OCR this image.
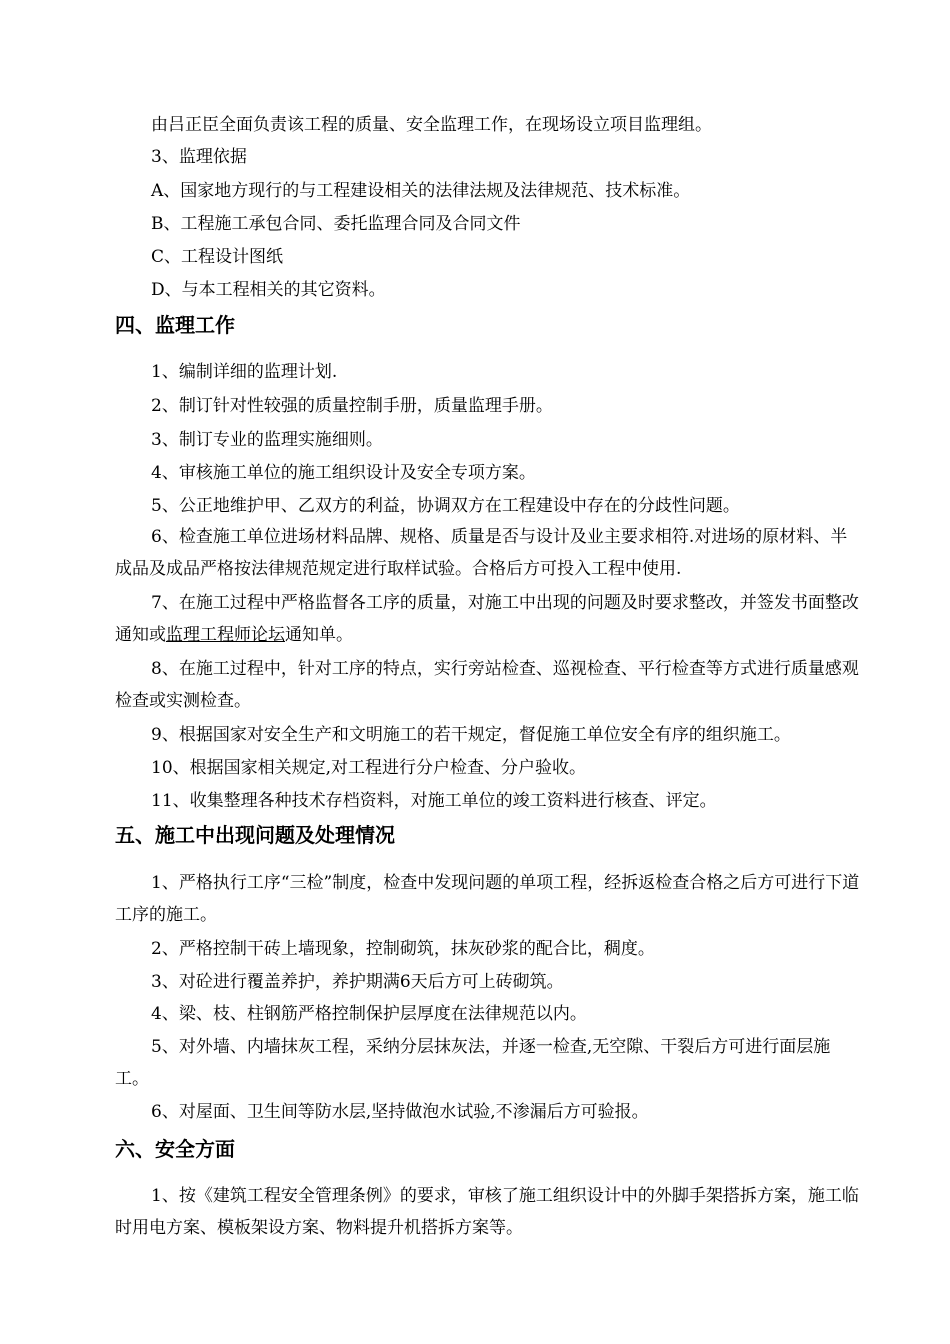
由吕正臣全面负责该工程的质量、安全监理工作，在现场设立项目监理组。

3、监理依据

A、国家地方现行的与工程建设相关的法律法规及法律规范、技术标准。

B、工程施工承包合同、委托监理合同及合同文件

C、工程设计图纸

D、与本工程相关的其它资料。

四、监理工作

1、编制详细的监理计划.

2、制订针对性较强的质量控制手册，质量监理手册。

3、制订专业的监理实施细则。

4、审核施工单位的施工组织设计及安全专项方案。

5、公正地维护甲、乙双方的利益，协调双方在工程建设中存在的分歧性问题。

6、检查施工单位进场材料品牌、规格、质量是否与设计及业主要求相符.对进场的原材料、半成品及成品严格按法律规范规定进行取样试验。合格后方可投入工程中使用.

7、在施工过程中严格监督各工序的质量，对施工中出现的问题及时要求整改，并签发书面整改通知或监理工程师论坛通知单。

8、在施工过程中，针对工序的特点，实行旁站检查、巡视检查、平行检查等方式进行质量感观检查或实测检查。

9、根据国家对安全生产和文明施工的若干规定，督促施工单位安全有序的组织施工。

10、根据国家相关规定,对工程进行分户检查、分户验收。

11、收集整理各种技术存档资料，对施工单位的竣工资料进行核查、评定。

五、施工中出现问题及处理情况

1、严格执行工序“三检”制度，检查中发现问题的单项工程，经拆返检查合格之后方可进行下道工序的施工。

2、严格控制干砖上墙现象，控制砌筑，抹灰砂浆的配合比，稠度。

3、对砼进行覆盖养护，养护期满6天后方可上砖砌筑。

4、梁、枝、柱钢筋严格控制保护层厚度在法律规范以内。

5、对外墙、内墙抹灰工程，采纳分层抹灰法，并逐一检查,无空隙、干裂后方可进行面层施工。

6、对屋面、卫生间等防水层,坚持做泡水试验,不渗漏后方可验报。

六、安全方面

1、按《建筑工程安全管理条例》的要求，审核了施工组织设计中的外脚手架搭拆方案，施工临时用电方案、模板架设方案、物料提升机搭拆方案等。
